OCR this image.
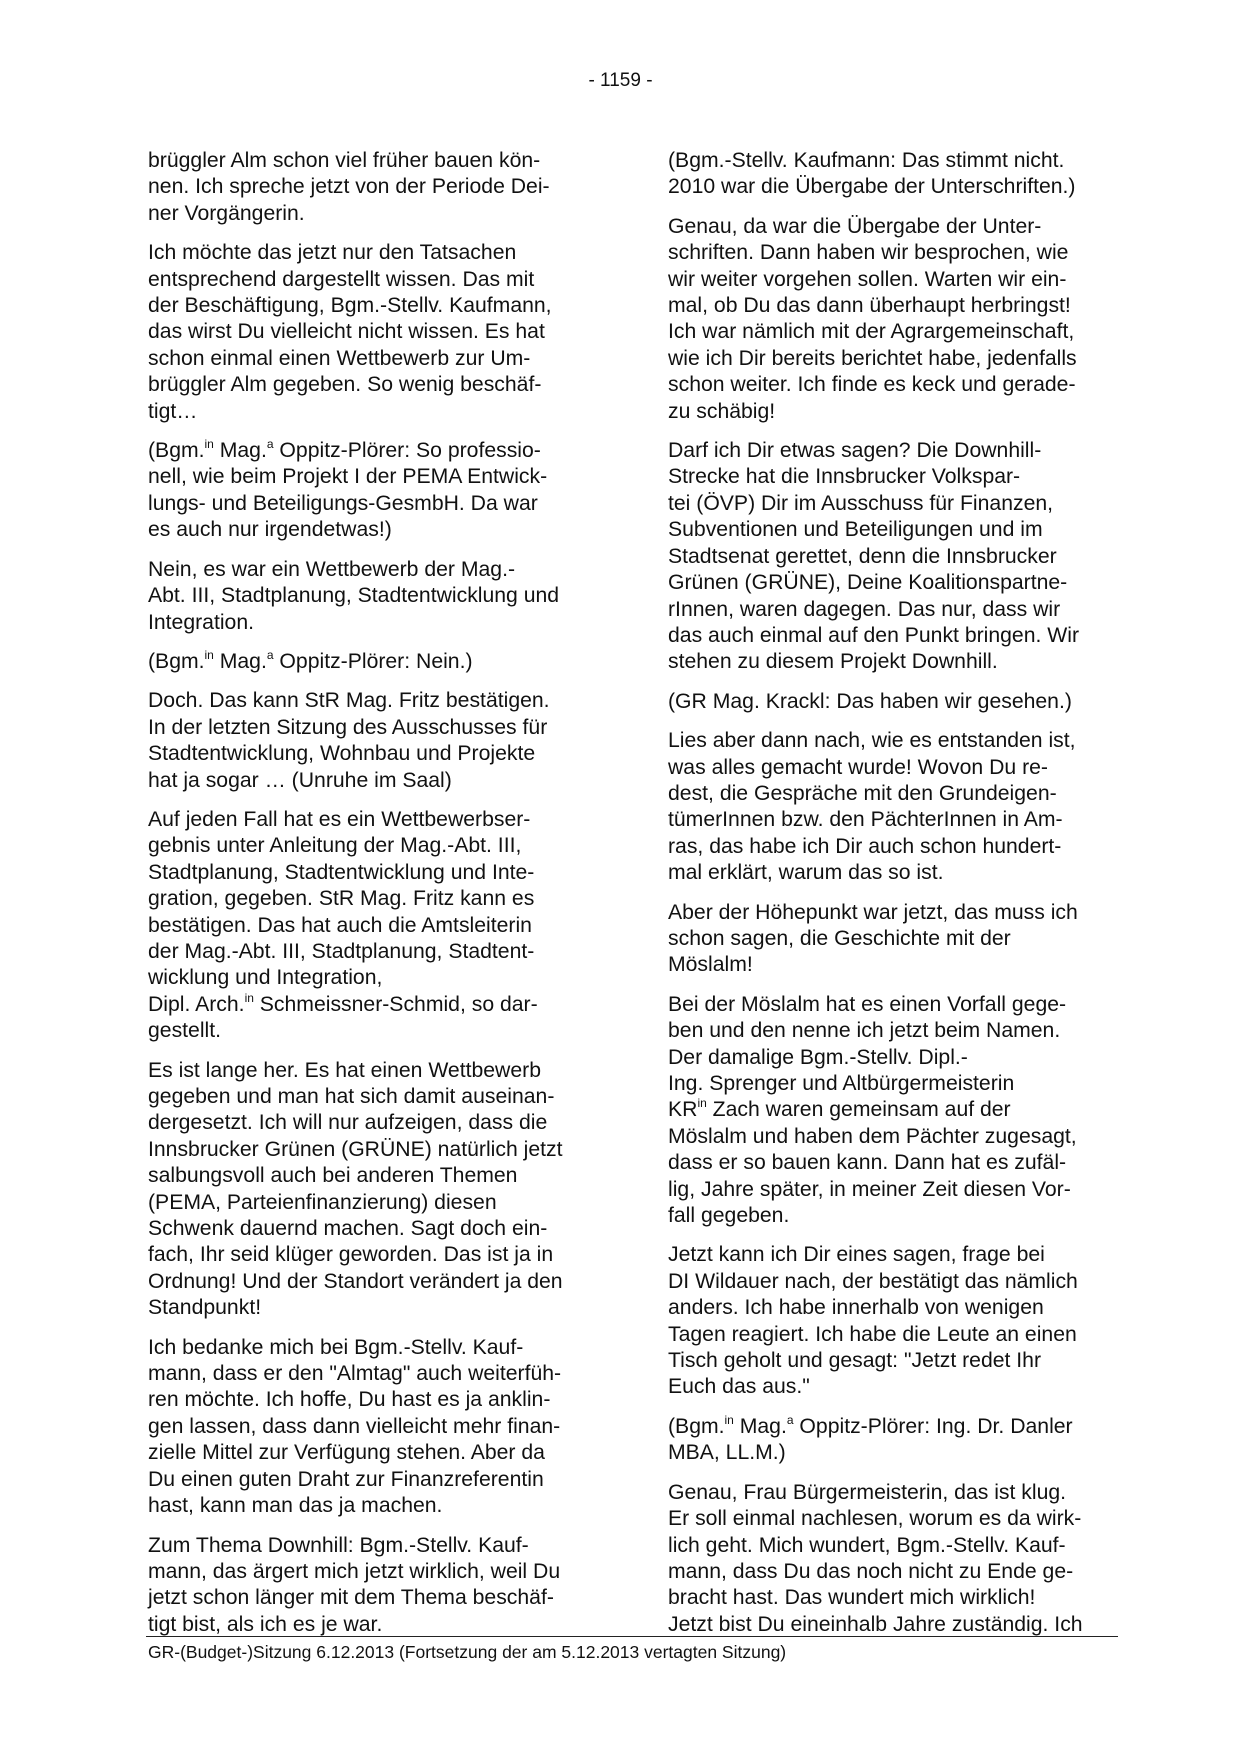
- 1159 -

brüggler Alm schon viel früher bauen kön-
nen. Ich spreche jetzt von der Periode Dei-
ner Vorgängerin.

Ich möchte das jetzt nur den Tatsachen
entsprechend dargestellt wissen. Das mit
der Beschäftigung, Bgm.-Stellv. Kaufmann,
das wirst Du vielleicht nicht wissen. Es hat
schon einmal einen Wettbewerb zur Um-
brüggler Alm gegeben. So wenig beschäf-
tigt…

(Bgm.$^{in}$ Mag.$^a$ Oppitz-Plörer: So professio-
nell, wie beim Projekt I der PEMA Entwick-
lungs- und Beteiligungs-GesmbH. Da war
es auch nur irgendetwas!)

Nein, es war ein Wettbewerb der Mag.-
Abt. III, Stadtplanung, Stadtentwicklung und
Integration.

(Bgm.$^{in}$ Mag.$^a$ Oppitz-Plörer: Nein.)

Doch. Das kann StR Mag. Fritz bestätigen.
In der letzten Sitzung des Ausschusses für
Stadtentwicklung, Wohnbau und Projekte
hat ja sogar … (Unruhe im Saal)

Auf jeden Fall hat es ein Wettbewerbser-
gebnis unter Anleitung der Mag.-Abt. III,
Stadtplanung, Stadtentwicklung und Inte-
gration, gegeben. StR Mag. Fritz kann es
bestätigen. Das hat auch die Amtsleiterin
der Mag.-Abt. III, Stadtplanung, Stadtent-
wicklung und Integration,
Dipl. Arch.$^{in}$ Schmeissner-Schmid, so dar-
gestellt.

Es ist lange her. Es hat einen Wettbewerb
gegeben und man hat sich damit auseinan-
dergesetzt. Ich will nur aufzeigen, dass die
Innsbrucker Grünen (GRÜNE) natürlich jetzt
salbungsvoll auch bei anderen Themen
(PEMA, Parteienfinanzierung) diesen
Schwenk dauernd machen. Sagt doch ein-
fach, Ihr seid klüger geworden. Das ist ja in
Ordnung! Und der Standort verändert ja den
Standpunkt!

Ich bedanke mich bei Bgm.-Stellv. Kauf-
mann, dass er den "Almtag" auch weiterfüh-
ren möchte. Ich hoffe, Du hast es ja anklin-
gen lassen, dass dann vielleicht mehr finan-
zielle Mittel zur Verfügung stehen. Aber da
Du einen guten Draht zur Finanzreferentin
hast, kann man das ja machen.

Zum Thema Downhill: Bgm.-Stellv. Kauf-
mann, das ärgert mich jetzt wirklich, weil Du
jetzt schon länger mit dem Thema beschäf-
tigt bist, als ich es je war.

(Bgm.-Stellv. Kaufmann: Das stimmt nicht.
2010 war die Übergabe der Unterschriften.)

Genau, da war die Übergabe der Unter-
schriften. Dann haben wir besprochen, wie
wir weiter vorgehen sollen. Warten wir ein-
mal, ob Du das dann überhaupt herbringst!
Ich war nämlich mit der Agrargemeinschaft,
wie ich Dir bereits berichtet habe, jedenfalls
schon weiter. Ich finde es keck und gerade-
zu schäbig!

Darf ich Dir etwas sagen? Die Downhill-
Strecke hat die Innsbrucker Volkspar-
tei (ÖVP) Dir im Ausschuss für Finanzen,
Subventionen und Beteiligungen und im
Stadtsenat gerettet, denn die Innsbrucker
Grünen (GRÜNE), Deine Koalitionspartne-
rInnen, waren dagegen. Das nur, dass wir
das auch einmal auf den Punkt bringen. Wir
stehen zu diesem Projekt Downhill.

(GR Mag. Krackl: Das haben wir gesehen.)

Lies aber dann nach, wie es entstanden ist,
was alles gemacht wurde! Wovon Du re-
dest, die Gespräche mit den Grundeigen-
tümerInnen bzw. den PächterInnen in Am-
ras, das habe ich Dir auch schon hundert-
mal erklärt, warum das so ist.

Aber der Höhepunkt war jetzt, das muss ich
schon sagen, die Geschichte mit der
Möslalm!

Bei der Möslalm hat es einen Vorfall gege-
ben und den nenne ich jetzt beim Namen.
Der damalige Bgm.-Stellv. Dipl.-
Ing. Sprenger und Altbürgermeisterin
$KR^{in}$ Zach waren gemeinsam auf der
Möslalm und haben dem Pächter zugesagt,
dass er so bauen kann. Dann hat es zufäl-
lig, Jahre später, in meiner Zeit diesen Vor-
fall gegeben.

Jetzt kann ich Dir eines sagen, frage bei
DI Wildauer nach, der bestätigt das nämlich
anders. Ich habe innerhalb von wenigen
Tagen reagiert. Ich habe die Leute an einen
Tisch geholt und gesagt: "Jetzt redet Ihr
Euch das aus."

(Bgm.$^{in}$ Mag.$^a$ Oppitz-Plörer: Ing. Dr. Danler
MBA, LL.M.)

Genau, Frau Bürgermeisterin, das ist klug.
Er soll einmal nachlesen, worum es da wirk-
lich geht. Mich wundert, Bgm.-Stellv. Kauf-
mann, dass Du das noch nicht zu Ende ge-
bracht hast. Das wundert mich wirklich!
Jetzt bist Du eineinhalb Jahre zuständig. Ich

GR-(Budget-)Sitzung 6.12.2013 (Fortsetzung der am 5.12.2013 vertagten Sitzung)
